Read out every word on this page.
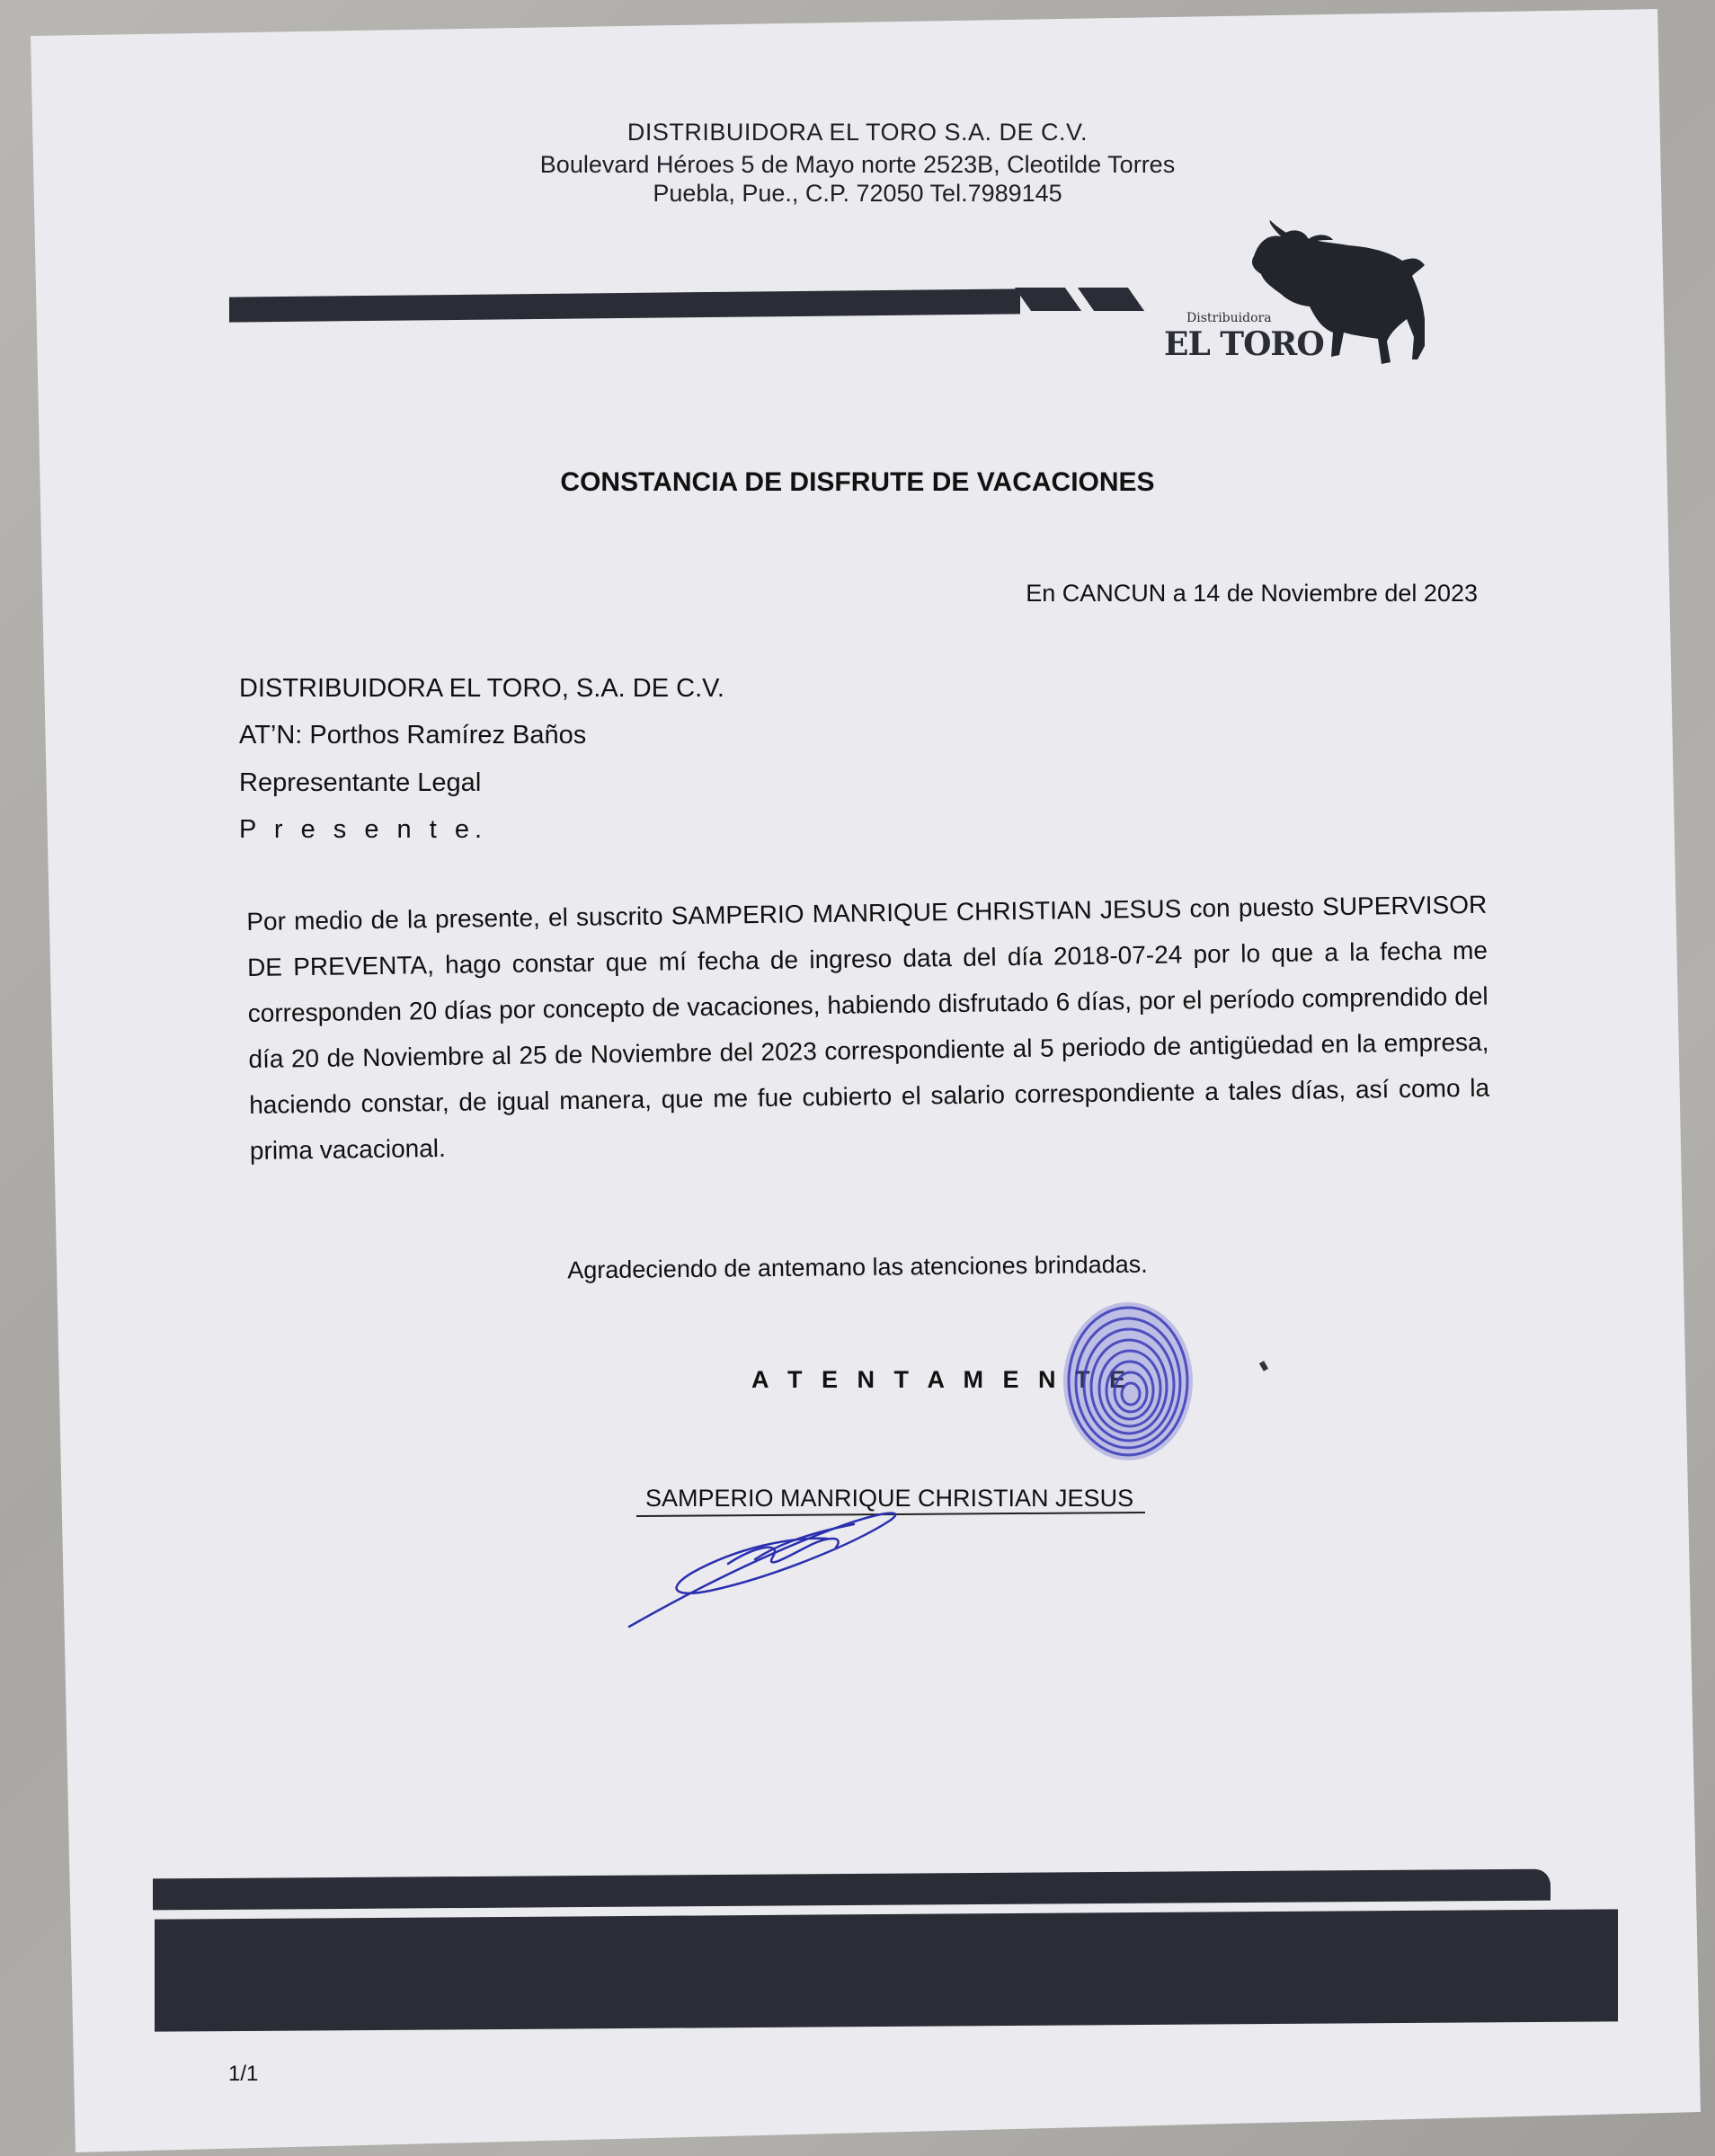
DISTRIBUIDORA EL TORO S.A. DE C.V.
Boulevard Héroes 5 de Mayo norte 2523B, Cleotilde Torres
Puebla, Pue., C.P. 72050 Tel.7989145
Distribuidora
EL TORO
CONSTANCIA DE DISFRUTE DE VACACIONES
En CANCUN a 14 de Noviembre del 2023
DISTRIBUIDORA EL TORO, S.A. DE C.V.
AT’N: Porthos Ramírez Baños
Representante Legal
P r e s e n t e.
Por medio de la presente, el suscrito SAMPERIO MANRIQUE CHRISTIAN JESUS con puesto SUPERVISOR DE PREVENTA, hago constar que mí fecha de ingreso data del día 2018-07-24 por lo que a la fecha me corresponden 20 días por concepto de vacaciones, habiendo disfrutado 6 días, por el período comprendido del día 20 de Noviembre al 25 de Noviembre del 2023 correspondiente al 5 periodo de antigüedad en la empresa, haciendo constar, de igual manera, que me fue cubierto el salario correspondiente a tales días, así como la prima vacacional.
Agradeciendo de antemano las atenciones brindadas.
A T E N T A M E N T E
SAMPERIO MANRIQUE CHRISTIAN JESUS
1/1
